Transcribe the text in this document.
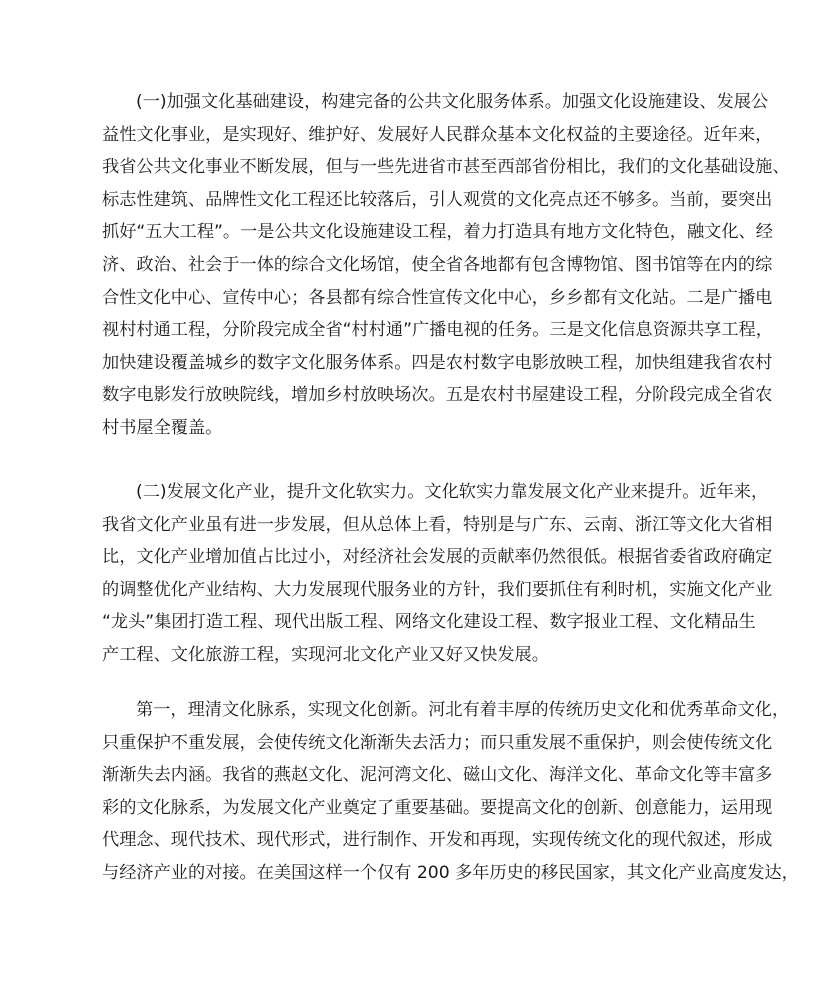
(一)加强文化基础建设，构建完备的公共文化服务体系。加强文化设施建设、发展公
益性文化事业，是实现好、维护好、发展好人民群众基本文化权益的主要途径。近年来，
我省公共文化事业不断发展，但与一些先进省市甚至西部省份相比，我们的文化基础设施、
标志性建筑、品牌性文化工程还比较落后，引人观赏的文化亮点还不够多。当前，要突出
抓好“五大工程”。一是公共文化设施建设工程，着力打造具有地方文化特色，融文化、经
济、政治、社会于一体的综合文化场馆，使全省各地都有包含博物馆、图书馆等在内的综
合性文化中心、宣传中心；各县都有综合性宣传文化中心，乡乡都有文化站。二是广播电
视村村通工程，分阶段完成全省“村村通”广播电视的任务。三是文化信息资源共享工程，
加快建设覆盖城乡的数字文化服务体系。四是农村数字电影放映工程，加快组建我省农村
数字电影发行放映院线，增加乡村放映场次。五是农村书屋建设工程，分阶段完成全省农
村书屋全覆盖。
(二)发展文化产业，提升文化软实力。文化软实力靠发展文化产业来提升。近年来，
我省文化产业虽有进一步发展，但从总体上看，特别是与广东、云南、浙江等文化大省相
比，文化产业增加值占比过小，对经济社会发展的贡献率仍然很低。根据省委省政府确定
的调整优化产业结构、大力发展现代服务业的方针，我们要抓住有利时机，实施文化产业
“龙头”集团打造工程、现代出版工程、网络文化建设工程、数字报业工程、文化精品生
产工程、文化旅游工程，实现河北文化产业又好又快发展。
第一，理清文化脉系，实现文化创新。河北有着丰厚的传统历史文化和优秀革命文化，
只重保护不重发展，会使传统文化渐渐失去活力；而只重发展不重保护，则会使传统文化
渐渐失去内涵。我省的燕赵文化、泥河湾文化、磁山文化、海洋文化、革命文化等丰富多
彩的文化脉系，为发展文化产业奠定了重要基础。要提高文化的创新、创意能力，运用现
代理念、现代技术、现代形式，进行制作、开发和再现，实现传统文化的现代叙述，形成
与经济产业的对接。在美国这样一个仅有 200 多年历史的移民国家，其文化产业高度发达，
